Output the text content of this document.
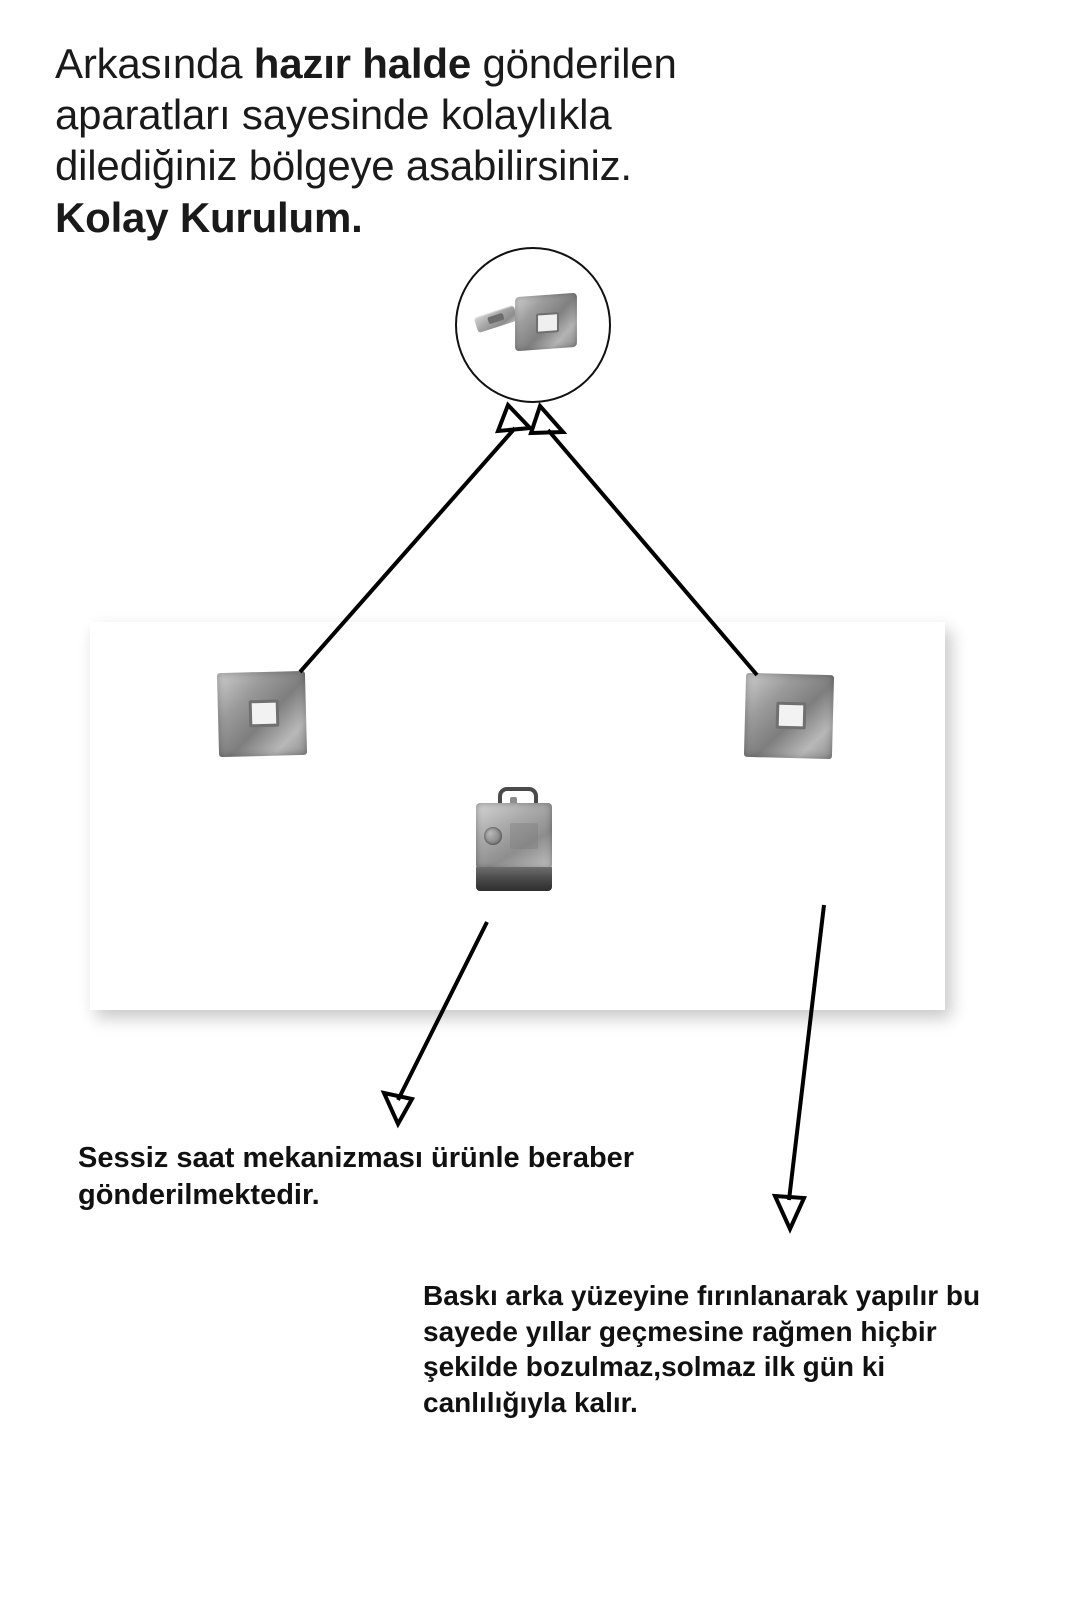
Arkasında hazır halde gönderilen
aparatları sayesinde kolaylıkla
dilediğiniz bölgeye asabilirsiniz.

Kolay Kurulum.
Sessiz saat mekanizması ürünle beraber gönderilmektedir.
Baskı arka yüzeyine fırınlanarak yapılır bu sayede yıllar geçmesine rağmen hiçbir şekilde bozulmaz,solmaz ilk gün ki canlılığıyla kalır.
